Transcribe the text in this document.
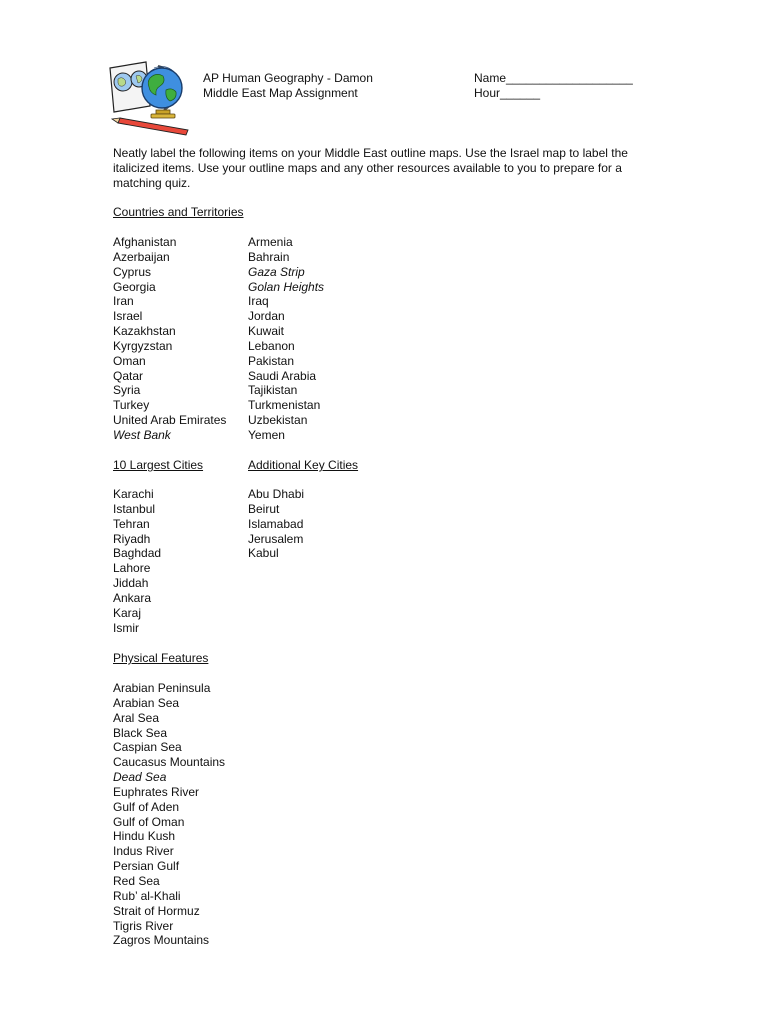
AP Human Geography - Damon
Middle East Map Assignment
Name___________________
Hour______

Neatly label the following items on your Middle East outline maps. Use the Israel map to label the italicized items. Use your outline maps and any other resources available to you to prepare for a matching quiz.

Countries and Territories
Afghanistan
Azerbaijan
Cyprus
Georgia
Iran
Israel
Kazakhstan
Kyrgyzstan
Oman
Qatar
Syria
Turkey
United Arab Emirates
West Bank
Armenia
Bahrain
Gaza Strip
Golan Heights
Iraq
Jordan
Kuwait
Lebanon
Pakistan
Saudi Arabia
Tajikistan
Turkmenistan
Uzbekistan
Yemen
10 Largest Cities	Additional Key Cities
Karachi
Istanbul
Tehran
Riyadh
Baghdad
Lahore
Jiddah
Ankara
Karaj
Ismir
Abu Dhabi
Beirut
Islamabad
Jerusalem
Kabul
Physical Features
Arabian Peninsula
Arabian Sea
Aral Sea
Black Sea
Caspian Sea
Caucasus Mountains
Dead Sea
Euphrates River
Gulf of Aden
Gulf of Oman
Hindu Kush
Indus River
Persian Gulf
Red Sea
Rub’ al-Khali
Strait of Hormuz
Tigris River
Zagros Mountains
